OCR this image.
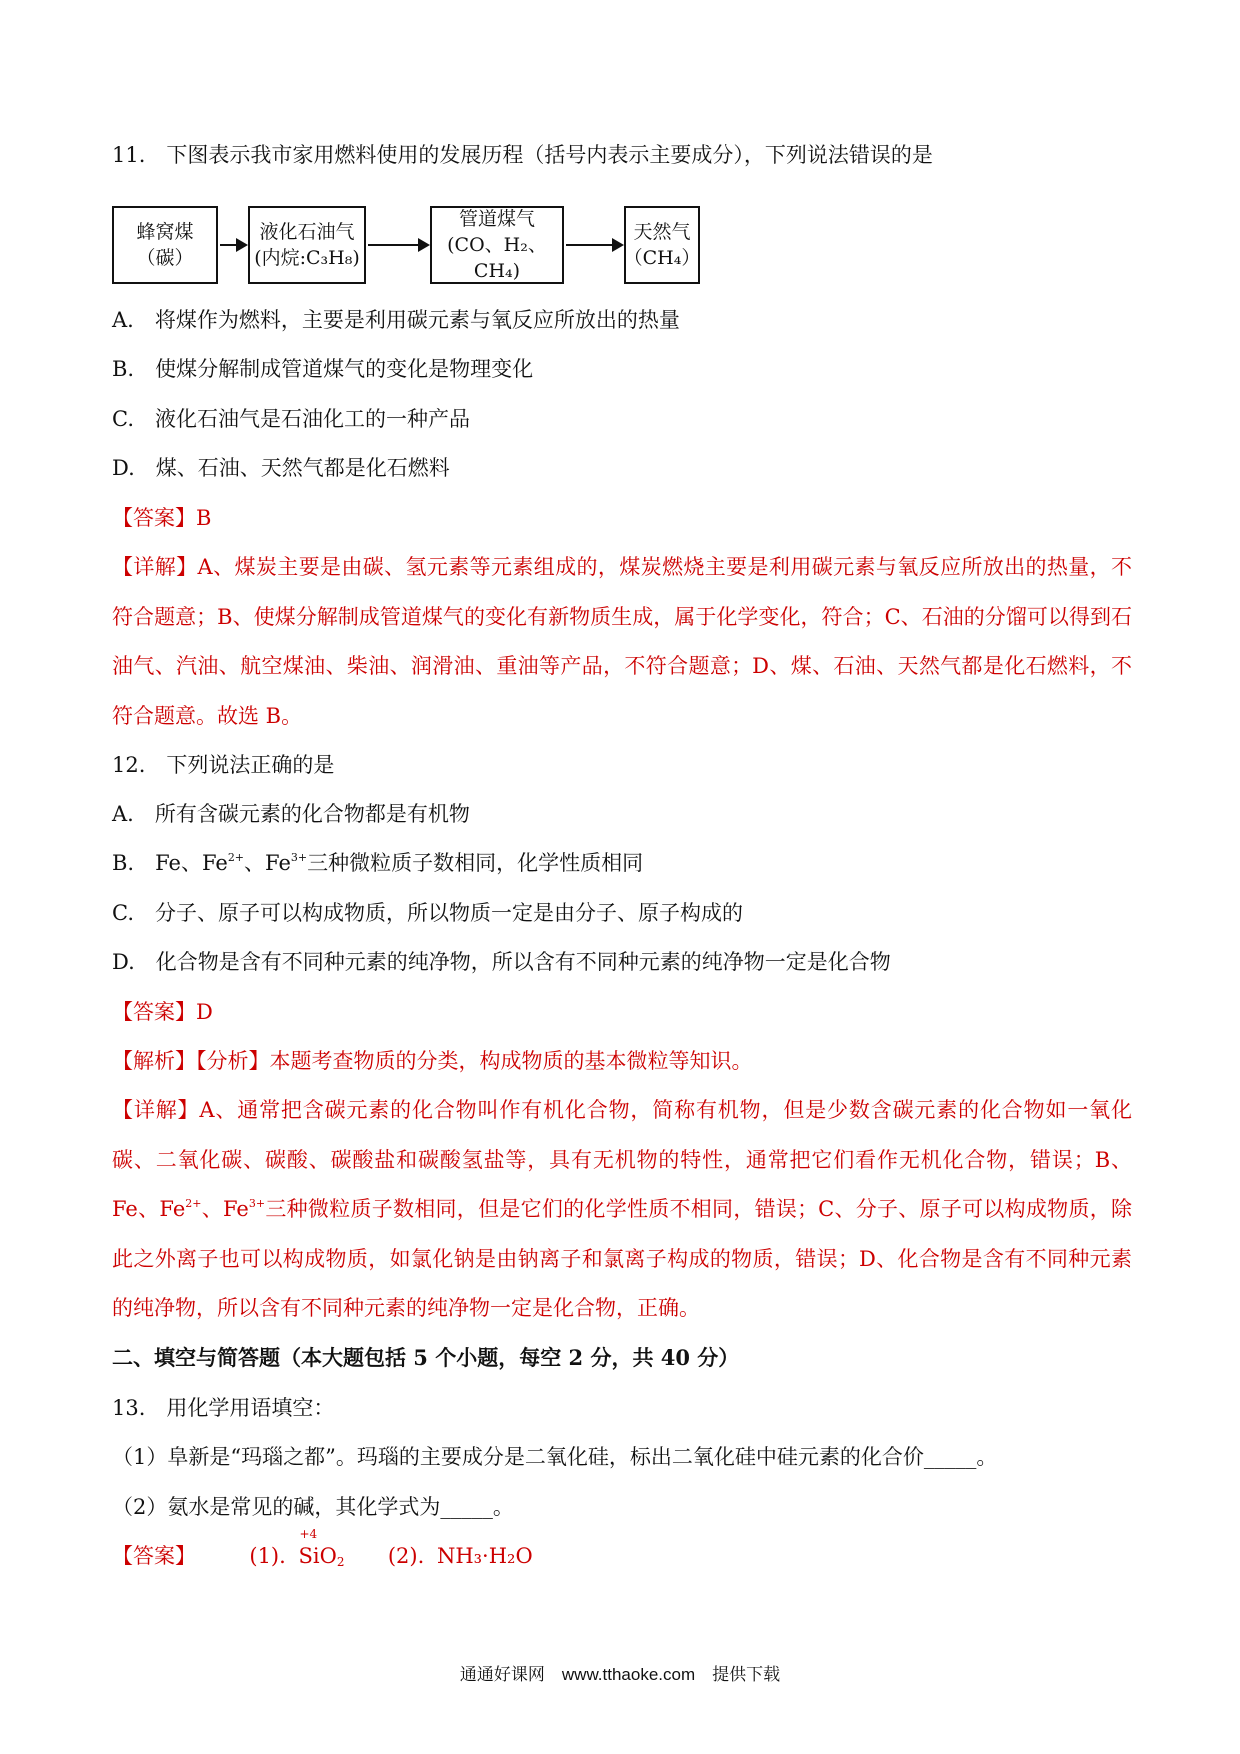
11.　下图表示我市家用燃料使用的发展历程（括号内表示主要成分），下列说法错误的是
蜂窝煤
（碳）
液化石油气
(内烷:C₃H₈)
管道煤气
(CO、H₂、CH₄)
天然气
（CH₄）
A.　将煤作为燃料，主要是利用碳元素与氧反应所放出的热量
B.　使煤分解制成管道煤气的变化是物理变化
C.　液化石油气是石油化工的一种产品
D.　煤、石油、天然气都是化石燃料
【答案】B
【详解】A、煤炭主要是由碳、氢元素等元素组成的，煤炭燃烧主要是利用碳元素与氧反应所放出的热量，不符合题意；B、使煤分解制成管道煤气的变化有新物质生成，属于化学变化，符合；C、石油的分馏可以得到石油气、汽油、航空煤油、柴油、润滑油、重油等产品，不符合题意；D、煤、石油、天然气都是化石燃料，不符合题意。故选 B。
12.　下列说法正确的是
A.　所有含碳元素的化合物都是有机物
B.　Fe、$Fe^{2+}$、$Fe^{3+}$三种微粒质子数相同，化学性质相同
C.　分子、原子可以构成物质，所以物质一定是由分子、原子构成的
D.　化合物是含有不同种元素的纯净物，所以含有不同种元素的纯净物一定是化合物
【答案】D
【解析】【分析】本题考查物质的分类，构成物质的基本微粒等知识。
【详解】A、通常把含碳元素的化合物叫作有机化合物，简称有机物，但是少数含碳元素的化合物如一氧化碳、二氧化碳、碳酸、碳酸盐和碳酸氢盐等，具有无机物的特性，通常把它们看作无机化合物，错误；B、Fe、$Fe^{2+}$、$Fe^{3+}$三种微粒质子数相同，但是它们的化学性质不相同，错误；C、分子、原子可以构成物质，除此之外离子也可以构成物质，如氯化钠是由钠离子和氯离子构成的物质，错误；D、化合物是含有不同种元素的纯净物，所以含有不同种元素的纯净物一定是化合物，正确。
二、填空与简答题（本大题包括 5 个小题，每空 2 分，共 40 分）
13.　用化学用语填空：
（1）阜新是“玛瑙之都”。玛瑙的主要成分是二氧化硅，标出二氧化硅中硅元素的化合价_____。
（2）氨水是常见的碱，其化学式为_____。
【答案】	(1).
+4
SiO$_2$ (2). NH₃·H₂O
通通好课网　www.tthaoke.com　提供下载
